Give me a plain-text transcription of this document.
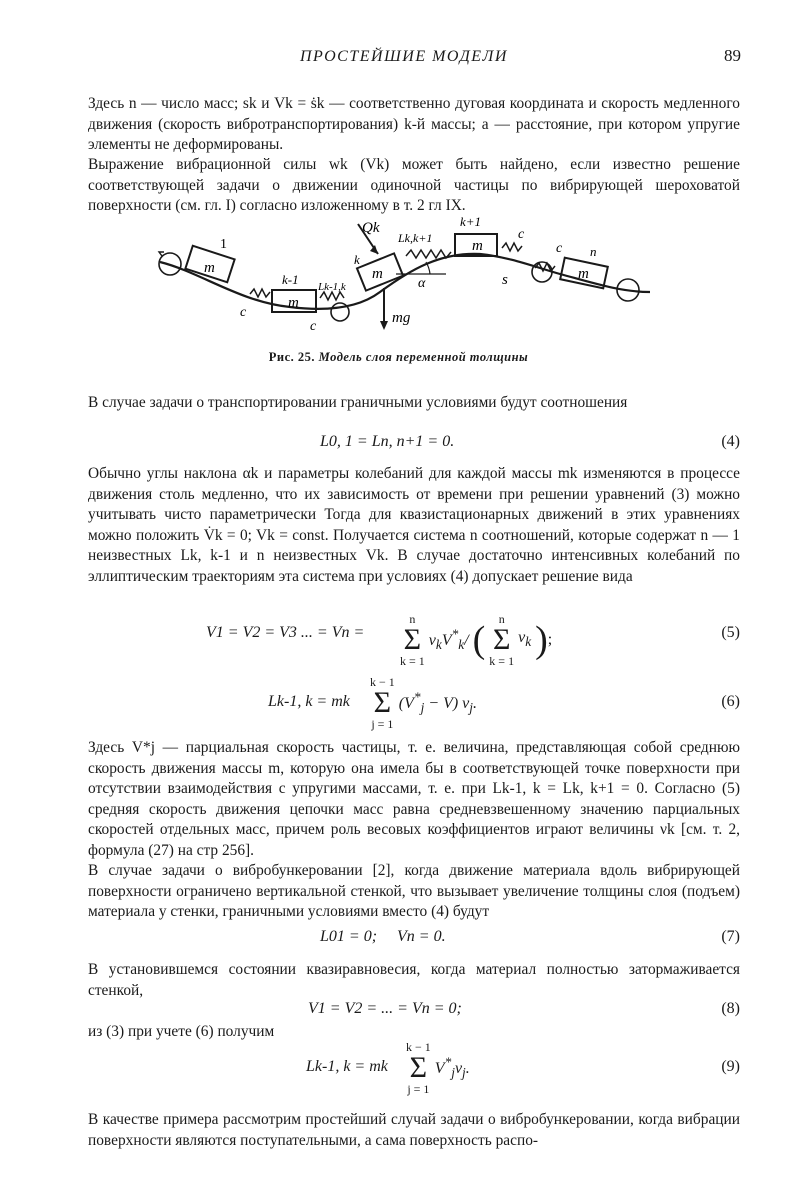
ПРОСТЕЙШИЕ МОДЕЛИ	89
Здесь n — число масс; sk и Vk = ṡk — соответственно дуговая координата и скорость медленного движения (скорость вибротранспортирования) k-й массы; a — расстояние, при котором упругие элементы не деформированы.
Выражение вибрационной силы wk (Vk) может быть найдено, если известно решение соответствующей задачи о движении одиночной частицы по вибрирующей шероховатой поверхности (см. гл. I) согласно изложенному в т. 2 гл IX.
m
1
m
k-1	m
k
m
k+1
m
n
Qk
mg
α
Lk,k+1
Lk-1,k	s
c
c
c
c
Рис. 25. Модель слоя переменной толщины
В случае задачи о транспортировании граничными условиями будут соотношения
L0, 1 = Ln, n+1 = 0.	(4)
Обычно углы наклона αk и параметры колебаний для каждой массы mk изменяются в процессе движения столь медленно, что их зависимость от времени при решении уравнений (3) можно учитывать чисто параметрически Тогда для квазистационарных движений в этих уравнениях можно положить V̇k = 0; Vk = const. Получается система n соотношений, которые содержат n — 1 неизвестных Lk, k-1 и n неизвестных Vk. В случае достаточно интенсивных колебаний по эллиптическим траекториям эта система при условиях (4) допускает решение вида
V1 = V2 = V3 ... = Vn =
n
Σ
k = 1 $\nu_kV^*_k/$ ( n
Σ
k = 1 $\nu_k$ );	(5)
Lk-1, k = mk
k − 1
Σ
j = 1 $(V^*_j - V)$ $\nu_j$.	(6)
Здесь V*j — парциальная скорость частицы, т. е. величина, представляющая собой среднюю скорость движения массы m, которую она имела бы в соответствующей точке поверхности при отсутствии взаимодействия с упругими массами, т. е. при Lk-1, k = Lk, k+1 = 0. Согласно (5) средняя скорость движения цепочки масс равна средневзвешенному значению парциальных скоростей отдельных масс, причем роль весовых коэффициентов играют величины νk [см. т. 2, формула (27) на стр 256].
В случае задачи о вибробункеровании [2], когда движение материала вдоль вибрирующей поверхности ограничено вертикальной стенкой, что вызывает увеличение толщины слоя (подъем) материала у стенки, граничными условиями вместо (4) будут
L01 = 0;     Vn = 0.	(7)
В установившемся состоянии квазиравновесия, когда материал полностью затормаживается стенкой,
V1 = V2 = ... = Vn = 0;	(8)
из (3) при учете (6) получим
Lk-1, k = mk
k − 1
Σ
j = 1 $V^*_j\nu_j$.	(9)
В качестве примера рассмотрим простейший случай задачи о вибробункеровании, когда вибрации поверхности являются поступательными, а сама поверхность распо-
